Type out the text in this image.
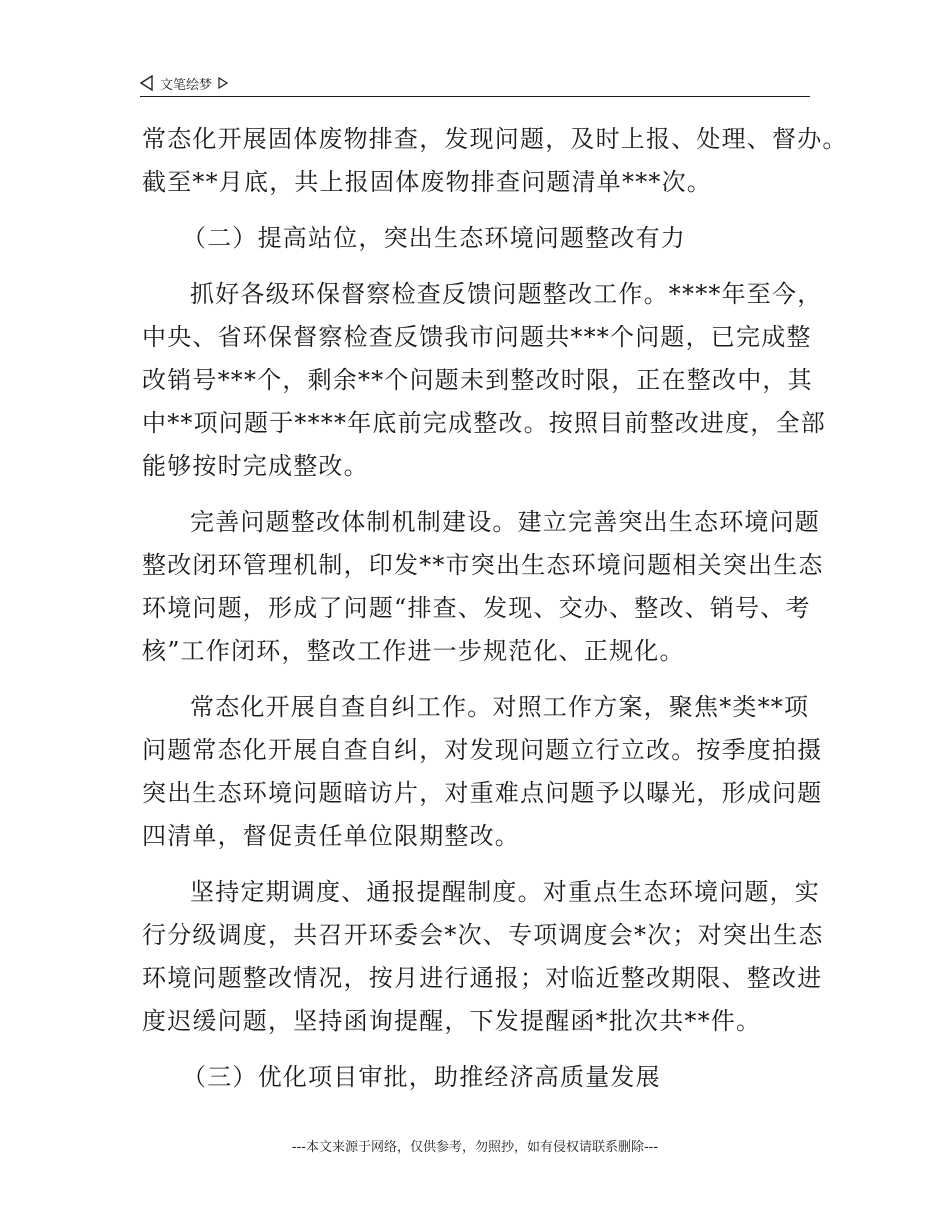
文笔绘梦
常态化开展固体废物排查，发现问题，及时上报、处理、督办。
截至**月底，共上报固体废物排查问题清单***次。
（二）提高站位，突出生态环境问题整改有力
抓好各级环保督察检查反馈问题整改工作。****年至今，
中央、省环保督察检查反馈我市问题共***个问题，已完成整
改销号***个，剩余**个问题未到整改时限，正在整改中，其
中**项问题于****年底前完成整改。按照目前整改进度，全部
能够按时完成整改。
完善问题整改体制机制建设。建立完善突出生态环境问题
整改闭环管理机制，印发**市突出生态环境问题相关突出生态
环境问题，形成了问题“排查、发现、交办、整改、销号、考
核”工作闭环，整改工作进一步规范化、正规化。
常态化开展自查自纠工作。对照工作方案，聚焦*类**项
问题常态化开展自查自纠，对发现问题立行立改。按季度拍摄
突出生态环境问题暗访片，对重难点问题予以曝光，形成问题
四清单，督促责任单位限期整改。
坚持定期调度、通报提醒制度。对重点生态环境问题，实
行分级调度，共召开环委会*次、专项调度会*次；对突出生态
环境问题整改情况，按月进行通报；对临近整改期限、整改进
度迟缓问题，坚持函询提醒，下发提醒函*批次共**件。
（三）优化项目审批，助推经济高质量发展
---本文来源于网络，仅供参考，勿照抄，如有侵权请联系删除---
